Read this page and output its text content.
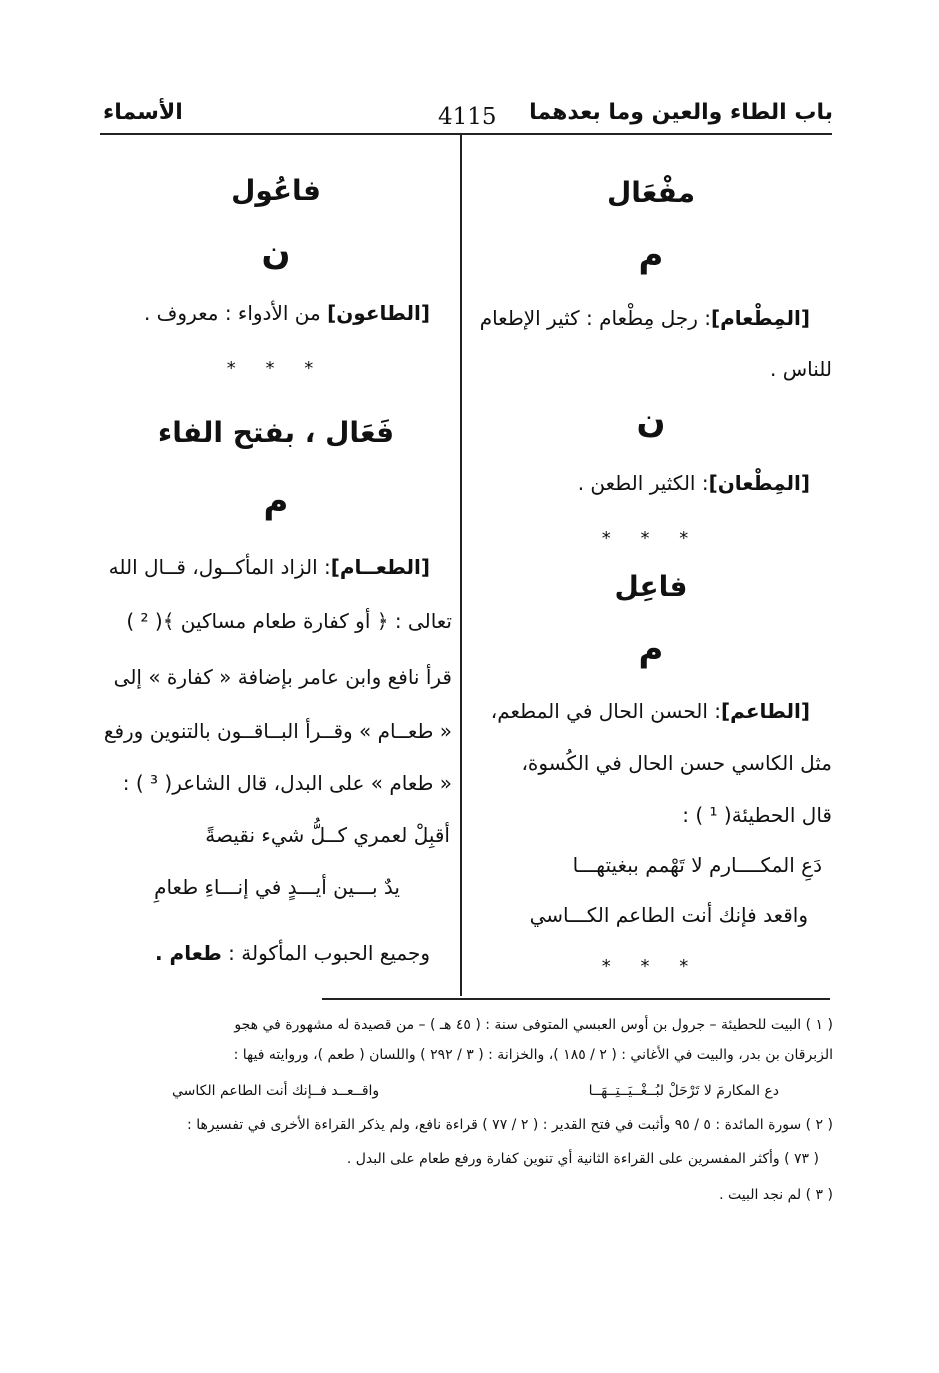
باب الطاء والعين وما بعدهما
4115
الأسماء
مفْعَال
م
[المِطْعام]: رجل مِطْعام : كثير الإطعام
للناس .
ن
[المِطْعان]: الكثير الطعن .
* * *
فاعِل
م
[الطاعم]: الحسن الحال في المطعم،
مثل الكاسي حسن الحال في الكُسوة،
قال الحطيئة( ¹ ) :
دَعِ المكــــارم لا تَهْمم ببغيتهـــا
واقعد فإنك أنت الطاعم الكـــاسي
* * *
فاعُول
ن
[الطاعون] من الأدواء : معروف .
* * *
فَعَال ، بفتح الفاء
م
[الطعــام]: الزاد المأكــول، قــال الله
تعالى : ﴿ أو كفارة طعام مساكين ﴾( ² )
قرأ نافع وابن عامر بإضافة « كفارة » إلى
« طعــام » وقــرأ البــاقــون بالتنوين ورفع
« طعام » على البدل، قال الشاعر( ³ ) :
أقبِلْ لعمري كــلُّ شيء نقيصةً
يدٌ بـــين أيـــدٍ في إنـــاءِ طعامِ
وجميع الحبوب المأكولة : طعام .
( ١ ) البيت للحطيئة – جرول بن أوس العبسي المتوفى سنة : ( ٤٥ هـ ) – من قصيدة له مشهورة في هجو
الزبرقان بن بدر، والبيت في الأغاني : ( ٢ / ١٨٥ )، والخزانة : ( ٣ / ٢٩٢ ) واللسان ( طعم )، وروايته فيها :
دع المكارمَ لا تَرْحَلْ لبُــغْــيَــتِــهَــا
واقــعــد فــإنك أنت الطاعم الكاسي
( ٢ ) سورة المائدة : ٥ / ٩٥ وأثبت في فتح القدير : ( ٢ / ٧٧ ) قراءة نافع، ولم يذكر القراءة الأخرى في تفسيرها :
( ٧٣ ) وأكثر المفسرين على القراءة الثانية أي تنوين كفارة ورفع طعام على البدل .
( ٣ ) لم نجد البيت .
